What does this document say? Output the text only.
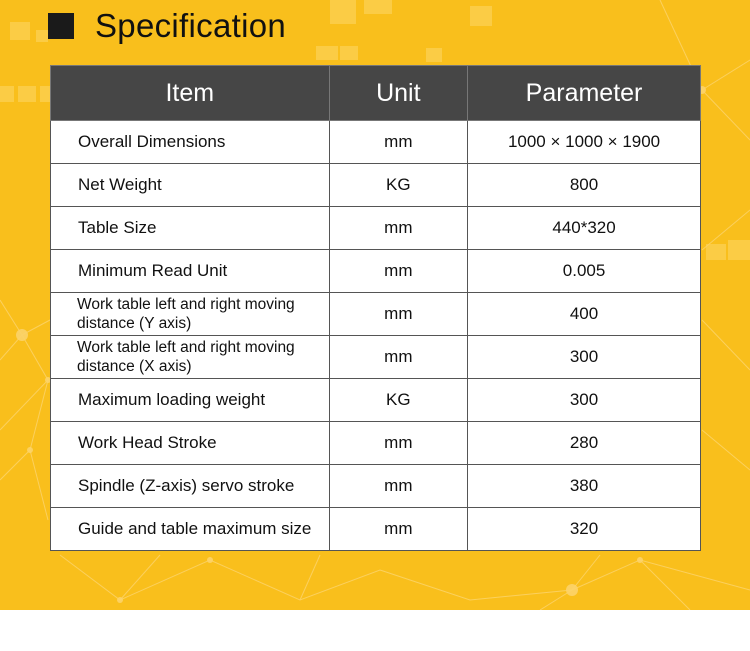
Specification
Item	Unit	Parameter
Overall Dimensions	mm	1000 × 1000 × 1900
Net Weight	KG	800
Table Size	mm	440*320
Minimum Read Unit	mm	0.005
Work table left and right moving distance (Y axis)	mm	400
Work table left and right moving distance (X axis)	mm	300
Maximum loading weight	KG	300
Work Head Stroke	mm	280
Spindle (Z-axis) servo stroke	mm	380
Guide and table maximum size	mm	320
